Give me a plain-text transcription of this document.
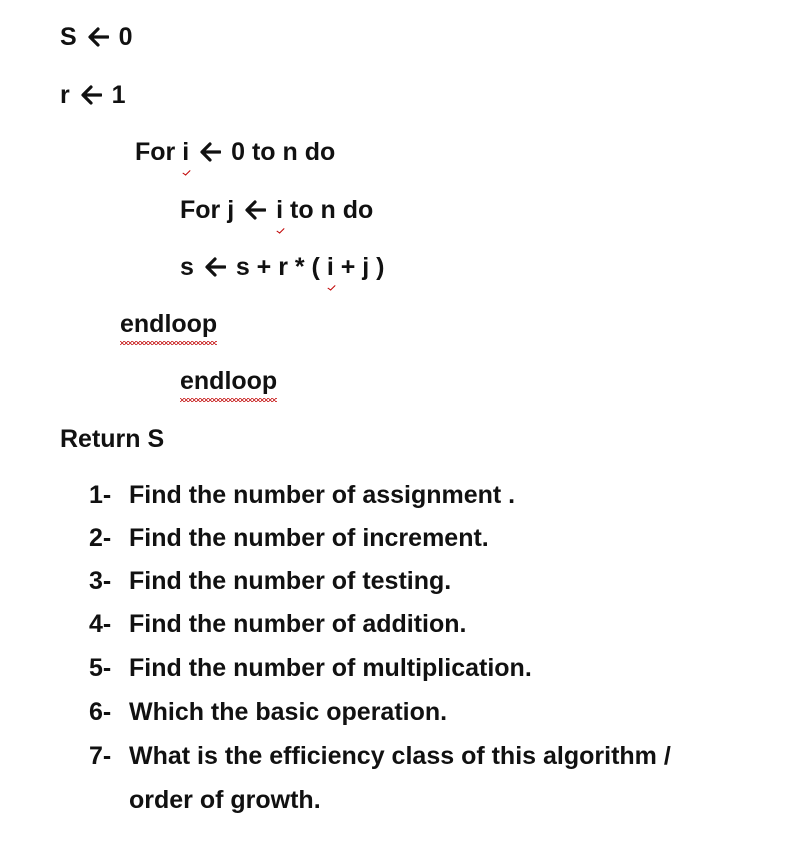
S 0
r 1
For i 0 to n do
For j i to n do
s s + r * ( i + j )
endloop
endloop
Return S
1- Find the number of assignment .
2- Find the number of increment.
3- Find the number of testing.
4- Find the number of addition.
5- Find the number of multiplication.
6- Which the basic operation.
7- What is the efficiency class of this algorithm /
order of growth.
